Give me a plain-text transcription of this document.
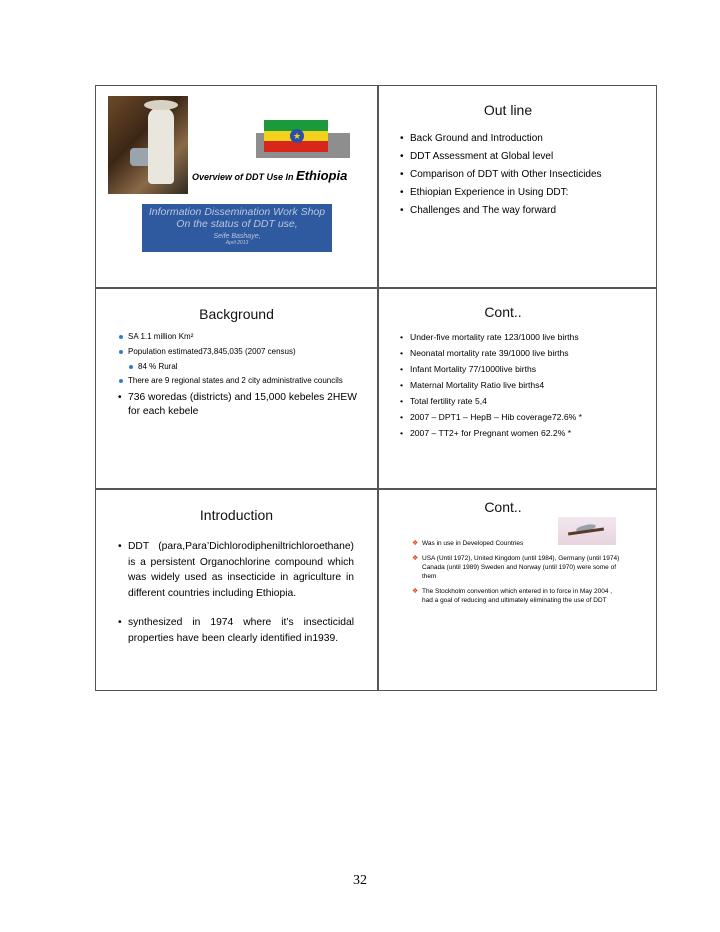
★
Overview of DDT Use In Ethiopia
Information Dissemination Work Shop
On the status of DDT use,
Seife Bashaye,
April 2013
Out line
• Back Ground and Introduction
• DDT Assessment at Global level
• Comparison of DDT with Other Insecticides
• Ethiopian Experience in Using DDT:
• Challenges and The way forward
Background
SA 1.1 million Km²
Population estimated73,845,035 (2007 census)
84 % Rural
There are 9 regional states and 2 city administrative councils
• 736 woredas (districts) and 15,000 kebeles 2HEW for each kebele
Cont..
• Under-five mortality rate 123/1000 live births
• Neonatal mortality rate 39/1000 live births
• Infant Mortality 77/1000live births
• Maternal Mortality Ratio live births4
• Total fertility rate 5,4
• 2007 – DPT1 – HepB – Hib coverage72.6% *
• 2007 – TT2+ for Pregnant women 62.2% *
Introduction
• DDT (para,Para’Dichlorodipheniltrichloroethane) is a persistent Organochlorine compound which was widely used as insecticide in agriculture in different countries including Ethiopia.
• synthesized in 1974 where it’s insecticidal properties have been clearly identified in1939.
Cont..
❖ Was in use in Developed Countries
❖ USA (Until 1972), United Kingdom (until 1984), Germany (until 1974) Canada (until 1989) Sweden and Norway (until 1970) were some of them
❖ The Stockholm convention which entered in to force in May 2004 , had a goal of reducing and ultimately eliminating the use of DDT
32
